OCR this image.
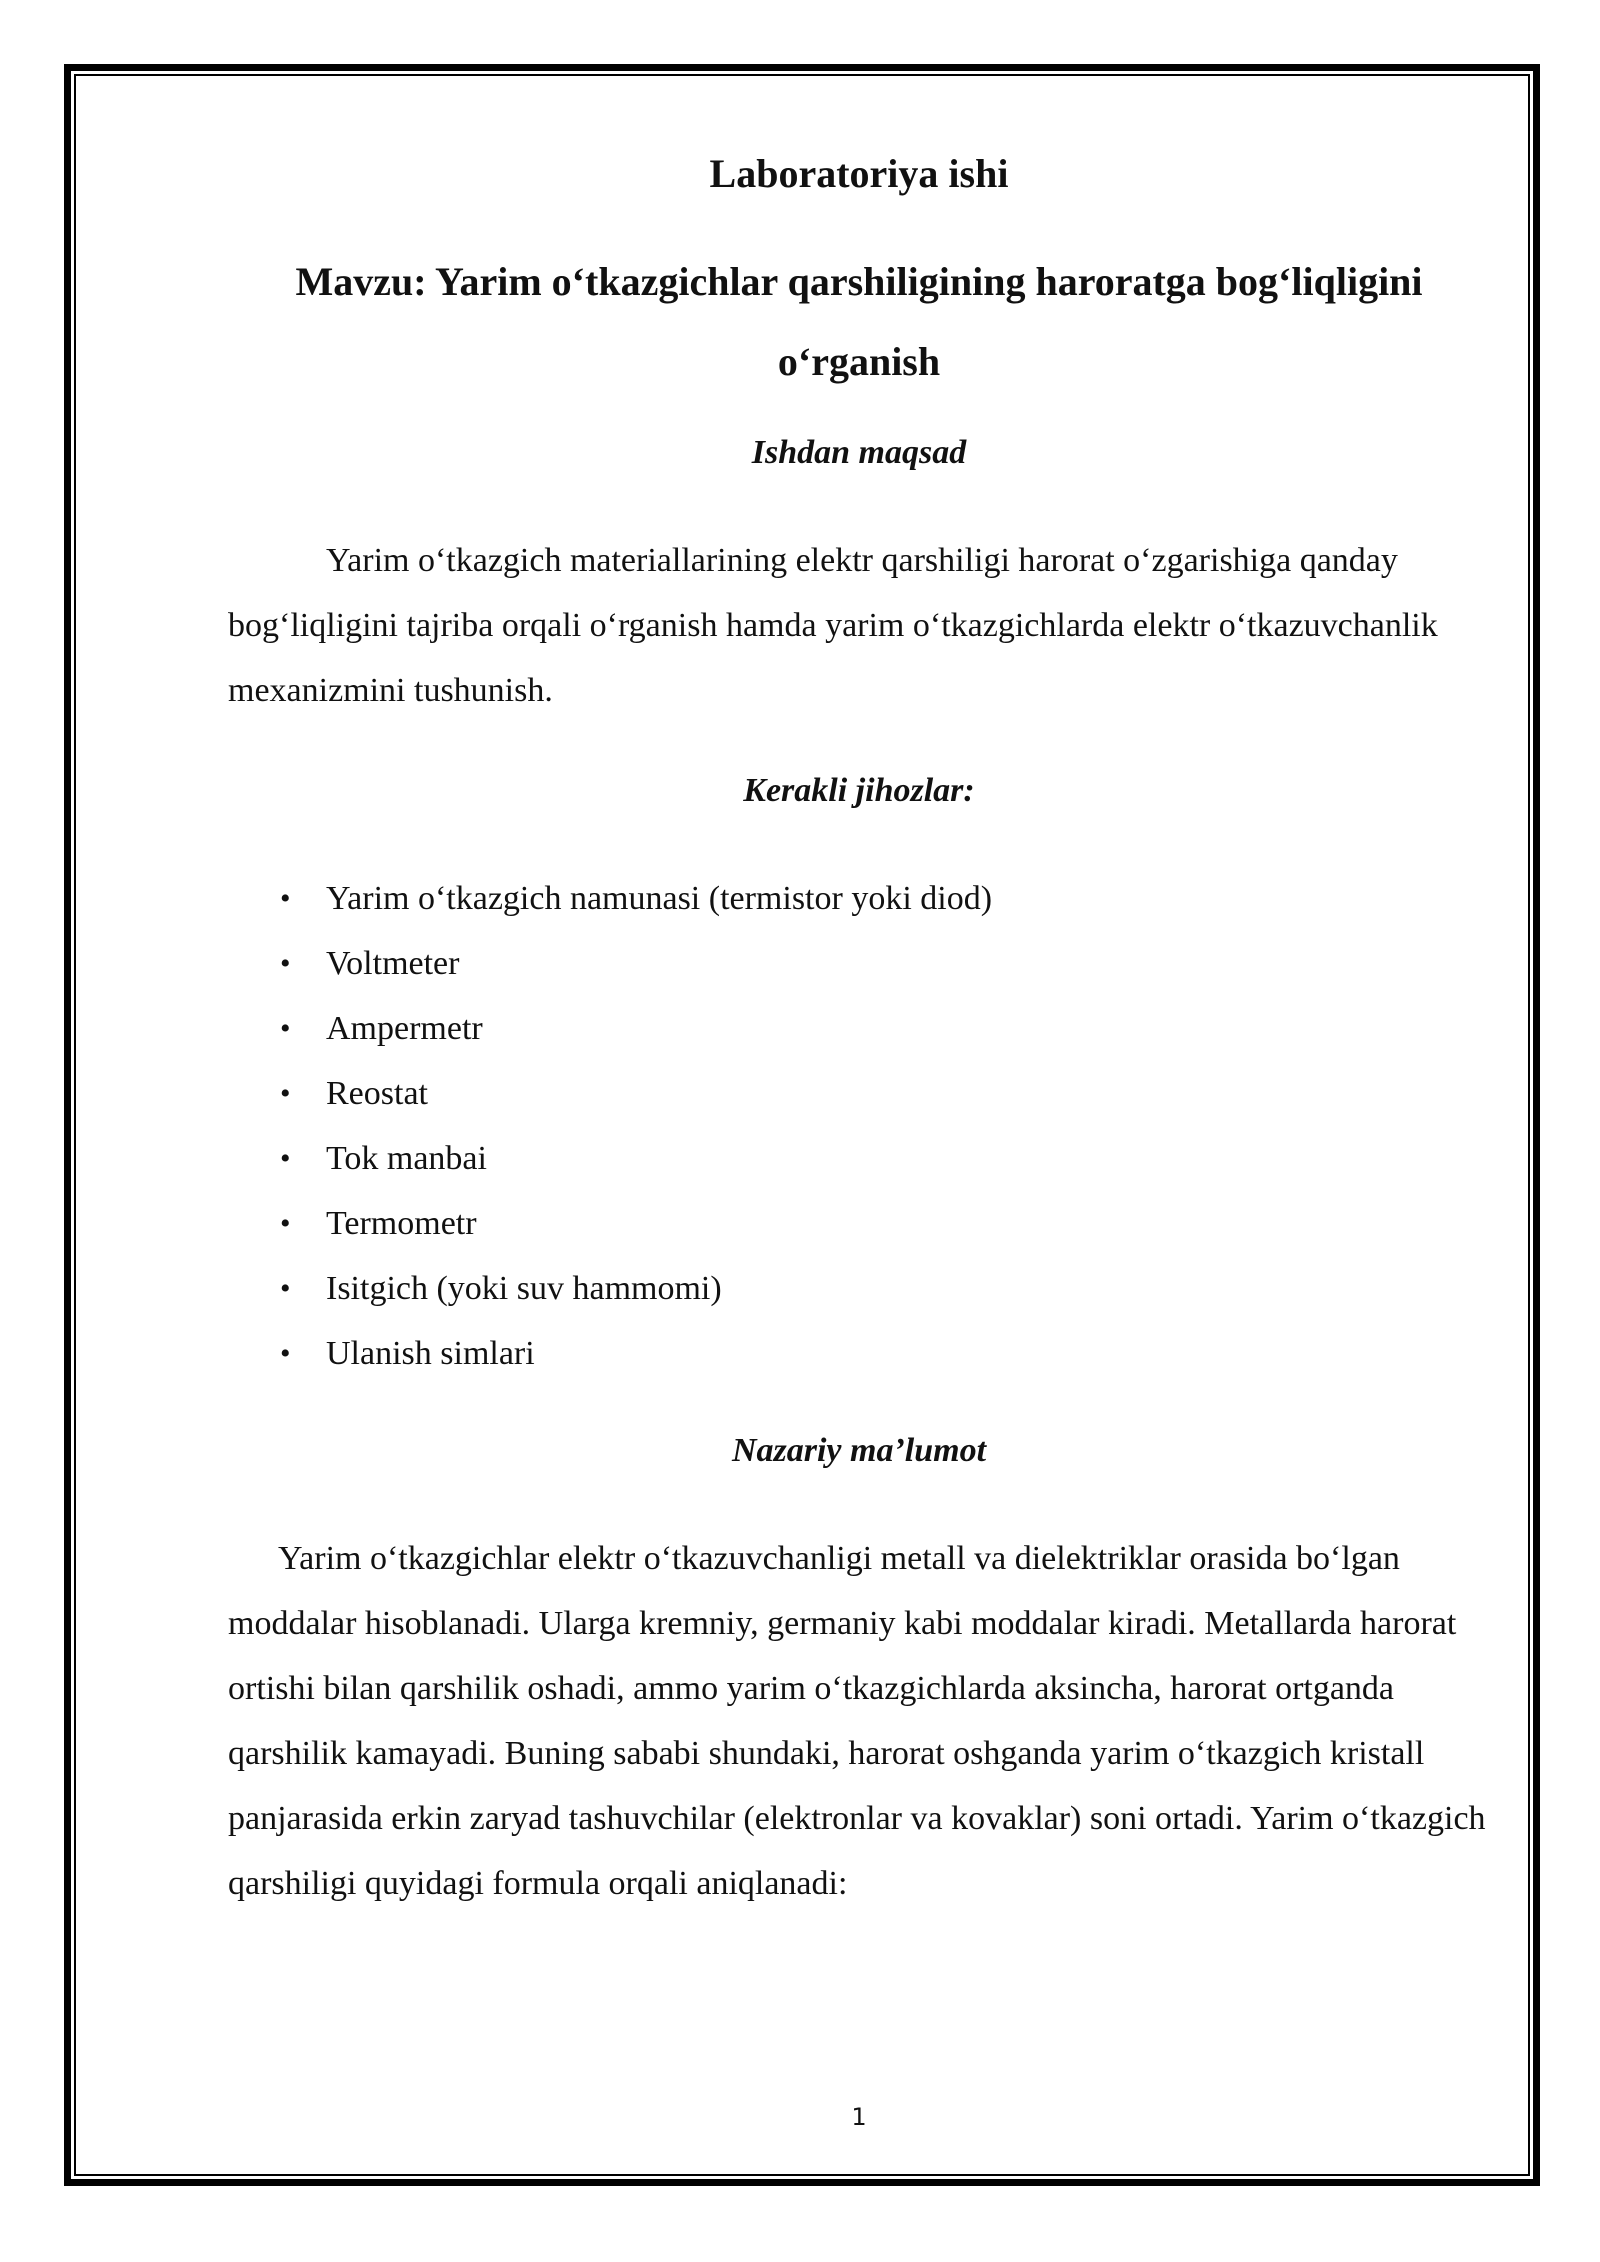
Laboratoriya ishi
Mavzu: Yarim o‘tkazgichlar qarshiligining haroratga bog‘liqligini o‘rganish
Ishdan maqsad

Yarim o‘tkazgich materiallarining elektr qarshiligi harorat o‘zgarishiga qanday bog‘liqligini tajriba orqali o‘rganish hamda yarim o‘tkazgichlarda elektr o‘tkazuvchanlik mexanizmini tushunish.

Kerakli jihozlar:
• Yarim o‘tkazgich namunasi (termistor yoki diod)
• Voltmeter
• Ampermetr
• Reostat
• Tok manbai
• Termometr
• Isitgich (yoki suv hammomi)
• Ulanish simlari
Nazariy ma’lumot

Yarim o‘tkazgichlar elektr o‘tkazuvchanligi metall va dielektriklar orasida bo‘lgan moddalar hisoblanadi. Ularga kremniy, germaniy kabi moddalar kiradi. Metallarda harorat ortishi bilan qarshilik oshadi, ammo yarim o‘tkazgichlarda aksincha, harorat ortganda qarshilik kamayadi. Buning sababi shundaki, harorat oshganda yarim o‘tkazgich kristall panjarasida erkin zaryad tashuvchilar (elektronlar va kovaklar) soni ortadi. Yarim o‘tkazgich qarshiligi quyidagi formula orqali aniqlanadi:

1
